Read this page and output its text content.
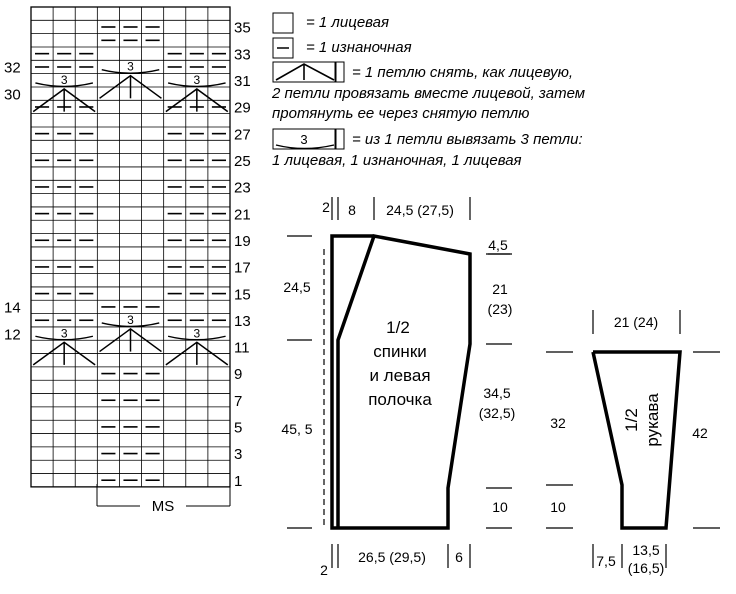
3
3	3
3
3	3
35
33
31
29
27
25
23
21
19
17
15
13
11
9
7
5
3
1
32
30
14
12
MS
3
2 8 24,5 (27,5)
4,5
21
(23)
24,5
45, 5
34,5
(32,5)
10
26,5 (29,5) 6
2
1/2
спинки
и левая
полочка
21 (24)
32
42
10
7,5
13,5
(16,5)
1/2 рукава
= 1 лицевая
= 1 изнаночная
= 1 петлю снять, как лицевую,
2 петли провязать вместе лицевой, затем
протянуть ее через снятую петлю
= из 1 петли вывязать 3 петли:
1 лицевая, 1 изнаночная, 1 лицевая
